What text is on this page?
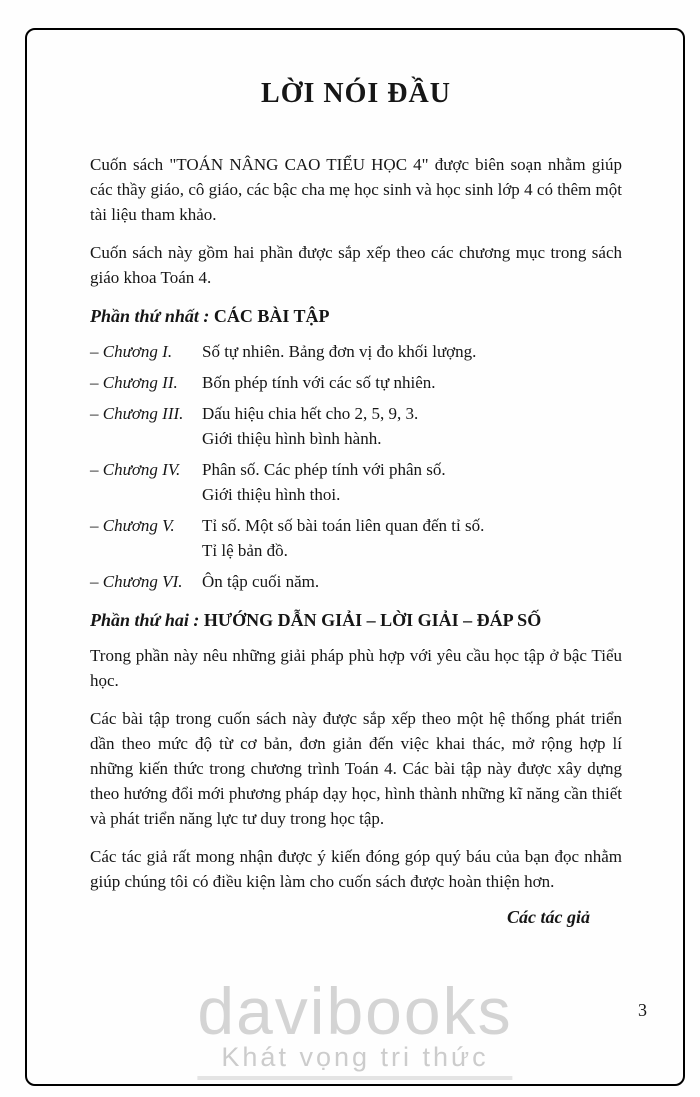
davibooks
Khát vọng tri thức
LỜI NÓI ĐẦU

Cuốn sách "TOÁN NÂNG CAO TIỂU HỌC 4" được biên soạn nhằm giúp các thầy giáo, cô giáo, các bậc cha mẹ học sinh và học sinh lớp 4 có thêm một tài liệu tham khảo.

Cuốn sách này gồm hai phần được sắp xếp theo các chương mục trong sách giáo khoa Toán 4.

Phần thứ nhất : CÁC BÀI TẬP
– Chương I.	Số tự nhiên. Bảng đơn vị đo khối lượng.
– Chương II.	Bốn phép tính với các số tự nhiên.
– Chương III.	Dấu hiệu chia hết cho 2, 5, 9, 3.
Giới thiệu hình bình hành.
– Chương IV.	Phân số. Các phép tính với phân số.
Giới thiệu hình thoi.
– Chương V.	Tỉ số. Một số bài toán liên quan đến tỉ số.
Tỉ lệ bản đồ.
– Chương VI.	Ôn tập cuối năm.
Phần thứ hai : HƯỚNG DẪN GIẢI – LỜI GIẢI – ĐÁP SỐ

Trong phần này nêu những giải pháp phù hợp với yêu cầu học tập ở bậc Tiểu học.

Các bài tập trong cuốn sách này được sắp xếp theo một hệ thống phát triển dần theo mức độ từ cơ bản, đơn giản đến việc khai thác, mở rộng hợp lí những kiến thức trong chương trình Toán 4. Các bài tập này được xây dựng theo hướng đổi mới phương pháp dạy học, hình thành những kĩ năng cần thiết và phát triển năng lực tư duy trong học tập.

Các tác giả rất mong nhận được ý kiến đóng góp quý báu của bạn đọc nhằm giúp chúng tôi có điều kiện làm cho cuốn sách được hoàn thiện hơn.

Các tác giả
3
